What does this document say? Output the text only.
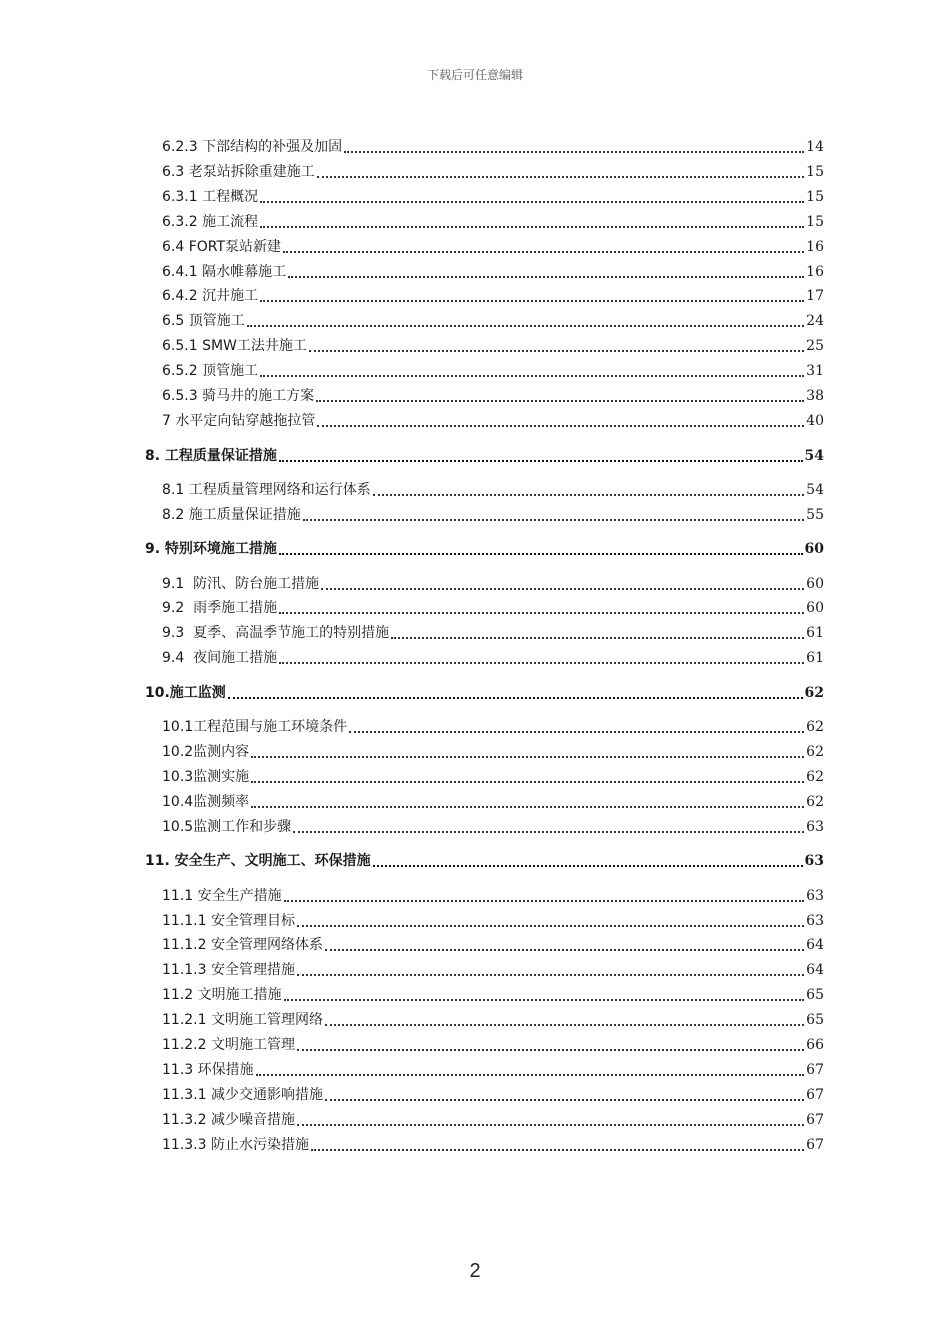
下载后可任意编辑
6.2.3 下部结构的补强及加固	14
6.3 老泵站拆除重建施工	15
6.3.1 工程概况	15
6.3.2 施工流程	15
6.4 FORT泵站新建	16
6.4.1 隔水帷幕施工	16
6.4.2 沉井施工	17
6.5 顶管施工	24
6.5.1 SMW工法井施工	25
6.5.2 顶管施工	31
6.5.3 骑马井的施工方案	38
7 水平定向钻穿越拖拉管	40
8. 工程质量保证措施	54
8.1 工程质量管理网络和运行体系	54
8.2 施工质量保证措施	55
9. 特别环境施工措施	60
9.1  防汛、防台施工措施	60
9.2  雨季施工措施	60
9.3  夏季、高温季节施工的特别措施	61
9.4  夜间施工措施	61
10.施工监测	62
10.1工程范围与施工环境条件	62
10.2监测内容	62
10.3监测实施	62
10.4监测频率	62
10.5监测工作和步骤	63
11. 安全生产、文明施工、环保措施	63
11.1 安全生产措施	63
11.1.1 安全管理目标	63
11.1.2 安全管理网络体系	64
11.1.3 安全管理措施	64
11.2 文明施工措施	65
11.2.1 文明施工管理网络	65
11.2.2 文明施工管理	66
11.3 环保措施	67
11.3.1 减少交通影响措施	67
11.3.2 减少噪音措施	67
11.3.3 防止水污染措施	67
2
